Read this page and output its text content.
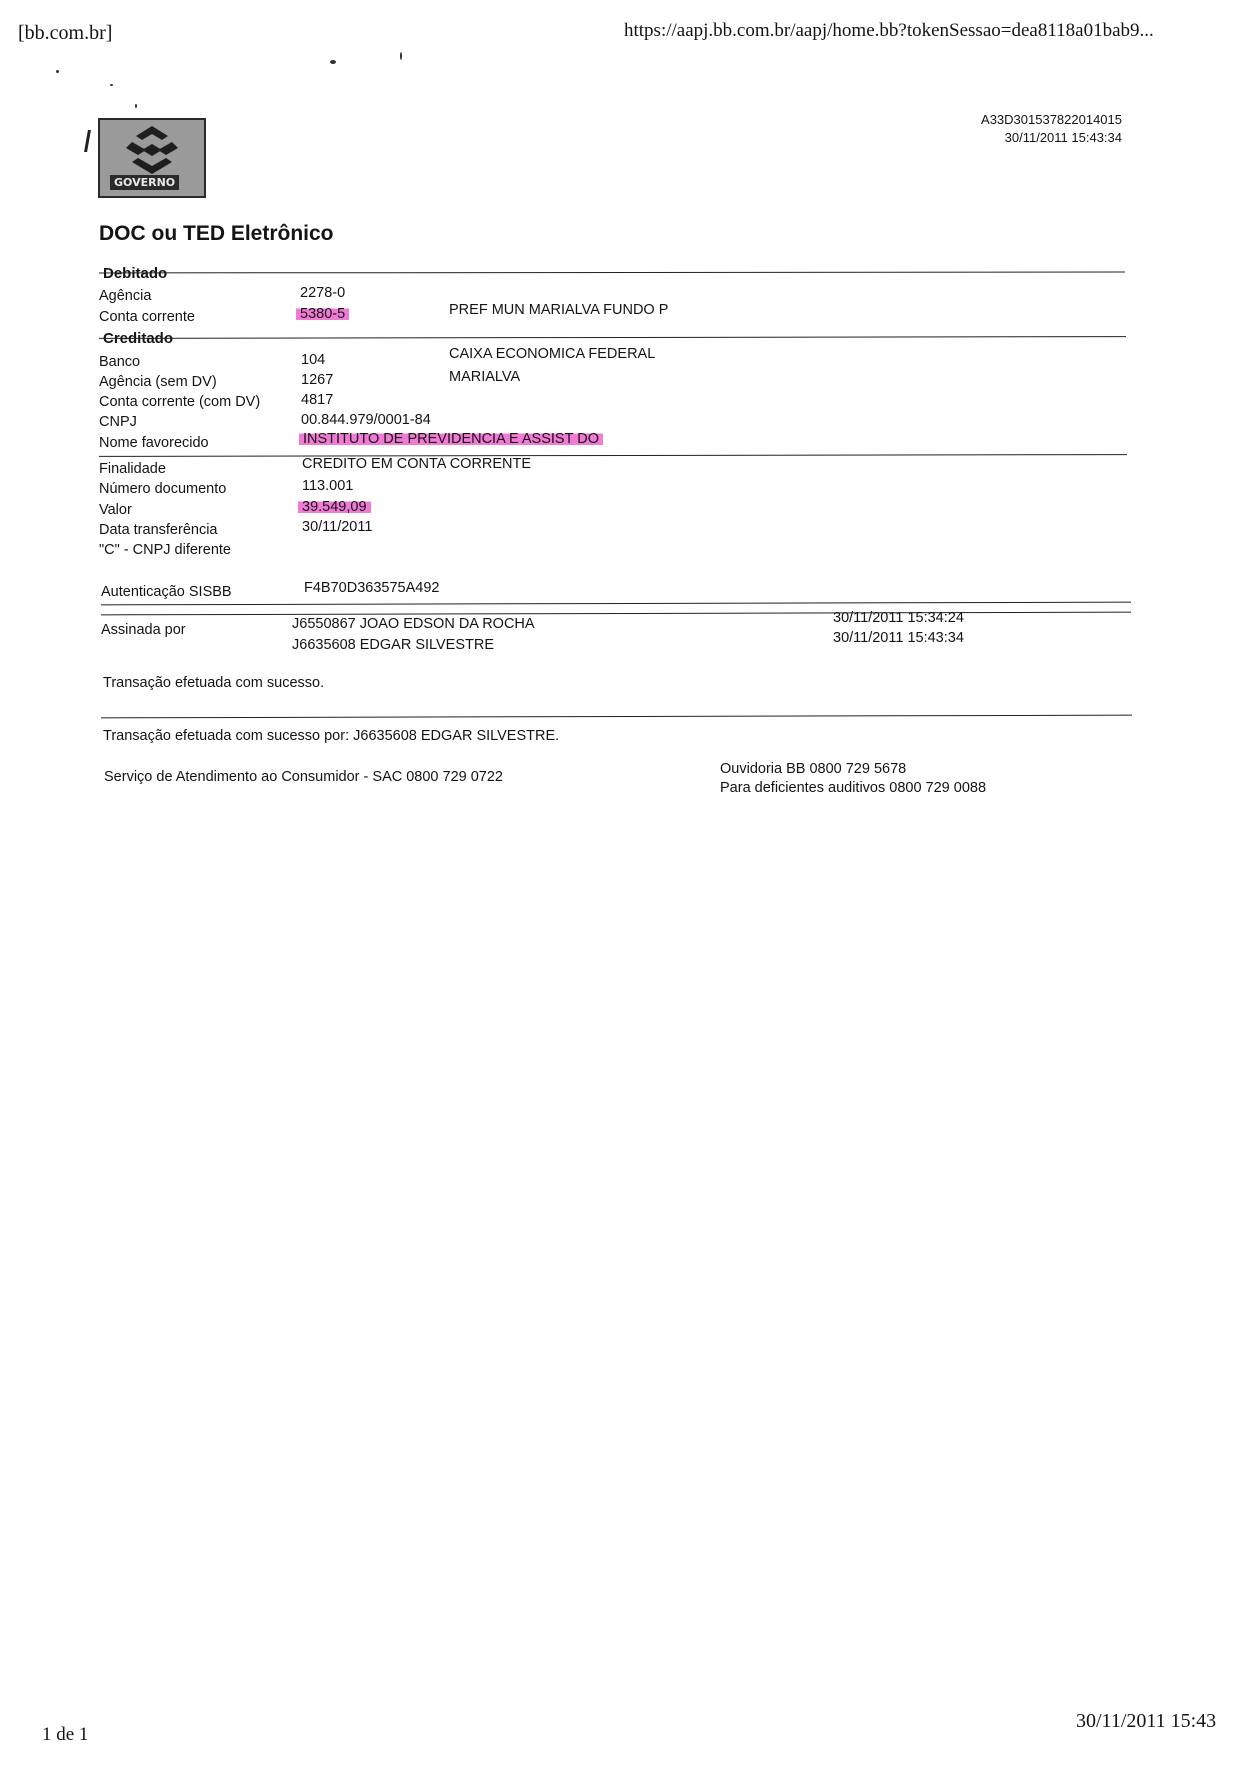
[bb.com.br]	https://aapj.bb.com.br/aapj/home.bb?tokenSessao=dea8118a01bab9...
GOVERNO
A33D301537822014015
30/11/2011 15:43:34
DOC ou TED Eletrônico
Debitado
Agência	2278-0
Conta corrente	5380-5	PREF MUN MARIALVA FUNDO P
Creditado
Banco	104	CAIXA ECONOMICA FEDERAL
Agência (sem DV)	1267	MARIALVA
Conta corrente (com DV)	4817
CNPJ	00.844.979/0001-84
Nome favorecido	INSTITUTO DE PREVIDENCIA E ASSIST DO
Finalidade	CREDITO EM CONTA CORRENTE
Número documento	113.001
Valor	39.549,09
Data transferência	30/11/2011
"C" - CNPJ diferente
Autenticação SISBB	F4B70D363575A492
Assinada por	J6550867 JOAO EDSON DA ROCHA	30/11/2011 15:34:24
J6635608 EDGAR SILVESTRE	30/11/2011 15:43:34
Transação efetuada com sucesso.
Transação efetuada com sucesso por: J6635608 EDGAR SILVESTRE.
Serviço de Atendimento ao Consumidor - SAC 0800 729 0722	Ouvidoria BB 0800 729 5678
Para deficientes auditivos 0800 729 0088
1 de 1
30/11/2011 15:43
